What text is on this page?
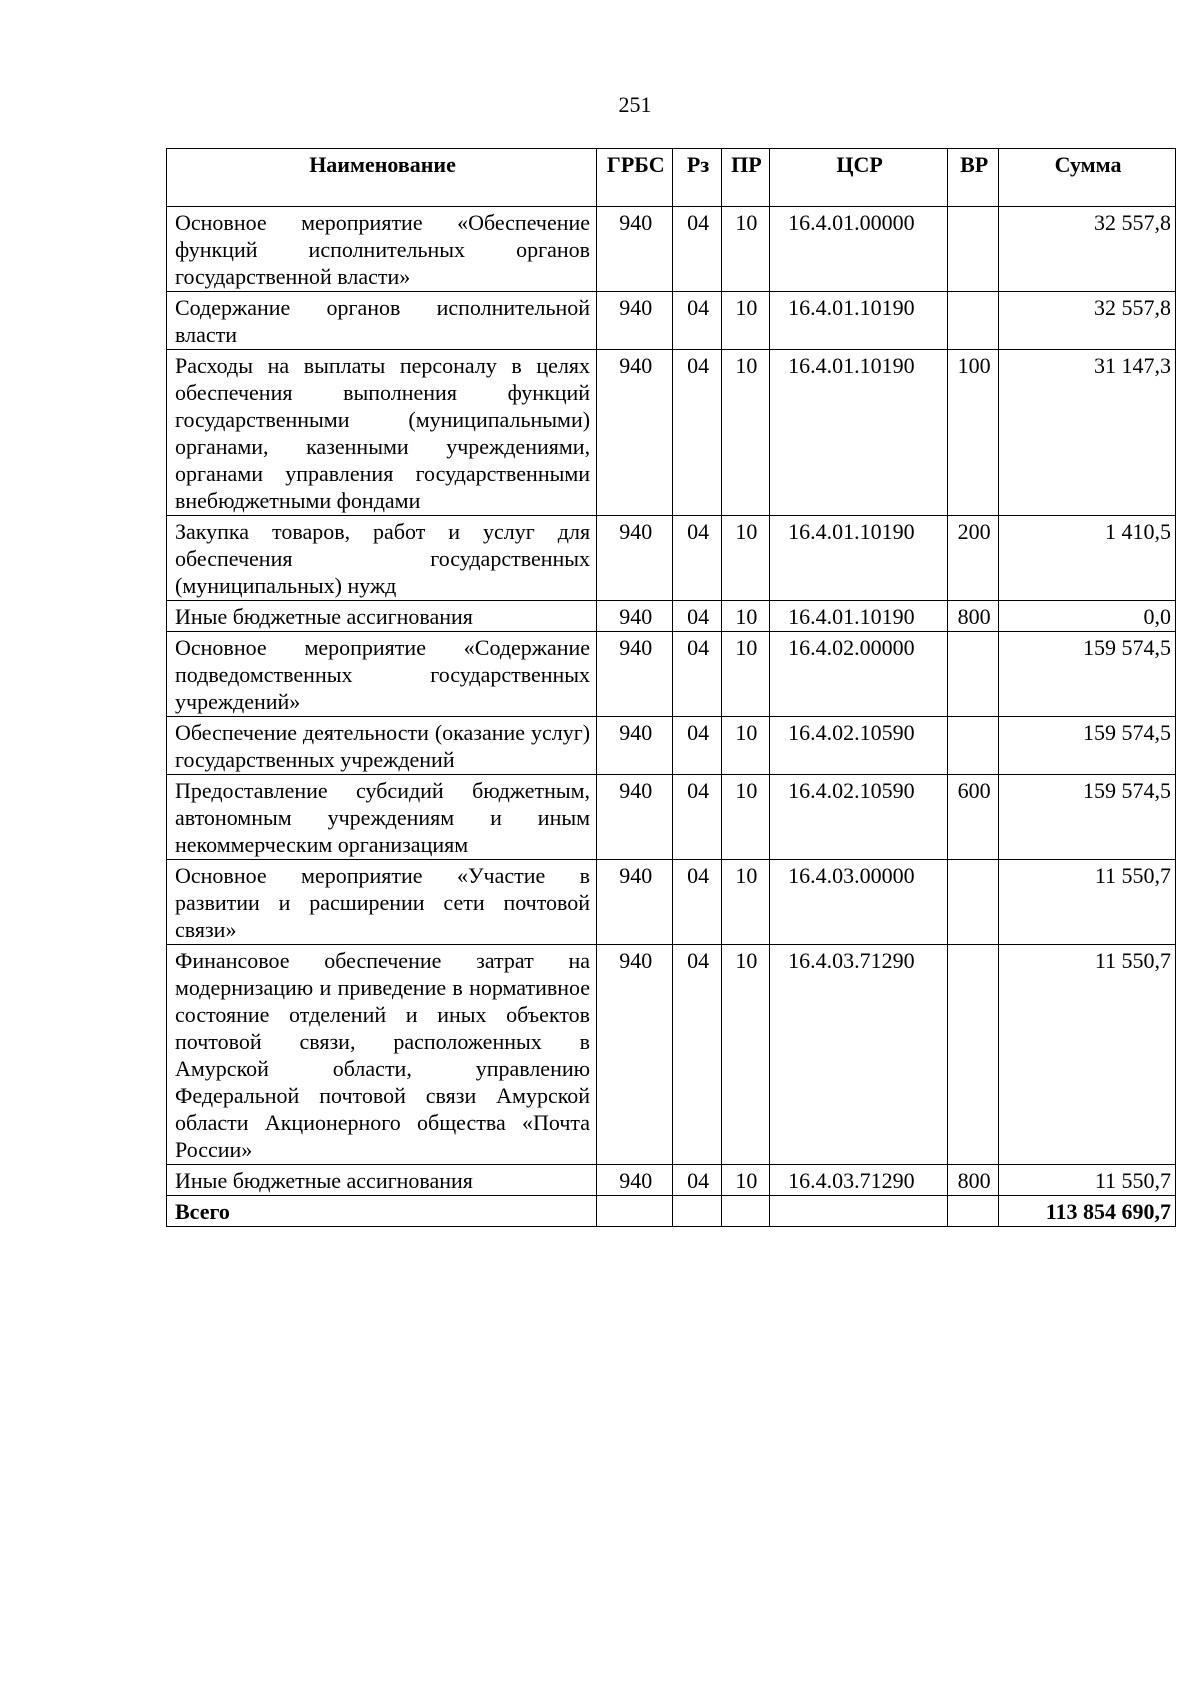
251
Наименование	ГРБС	Рз	ПР	ЦСР	ВР	Сумма
Основное мероприятие «Обеспечение функций исполнительных органов государственной власти»	940	04	10	16.4.01.00000		32 557,8
Содержание органов исполнительной власти	940	04	10	16.4.01.10190		32 557,8
Расходы на выплаты персоналу в целях обеспечения выполнения функций государственными (муниципальными) органами, казенными учреждениями, органами управления государственными внебюджетными фондами	940	04	10	16.4.01.10190	100	31 147,3
Закупка товаров, работ и услуг для обеспечения государственных (муниципальных) нужд	940	04	10	16.4.01.10190	200	1 410,5
Иные бюджетные ассигнования	940	04	10	16.4.01.10190	800	0,0
Основное мероприятие «Содержание подведомственных государственных учреждений»	940	04	10	16.4.02.00000		159 574,5
Обеспечение деятельности (оказание услуг) государственных учреждений	940	04	10	16.4.02.10590		159 574,5
Предоставление субсидий бюджетным, автономным учреждениям и иным некоммерческим организациям	940	04	10	16.4.02.10590	600	159 574,5
Основное мероприятие «Участие в развитии и расширении сети почтовой связи»	940	04	10	16.4.03.00000		11 550,7
Финансовое обеспечение затрат на модернизацию и приведение в нормативное состояние отделений и иных объектов почтовой связи, расположенных в Амурской области, управлению Федеральной почтовой связи Амурской области Акционерного общества «Почта России»	940	04	10	16.4.03.71290		11 550,7
Иные бюджетные ассигнования	940	04	10	16.4.03.71290	800	11 550,7
Всего						113 854 690,7
